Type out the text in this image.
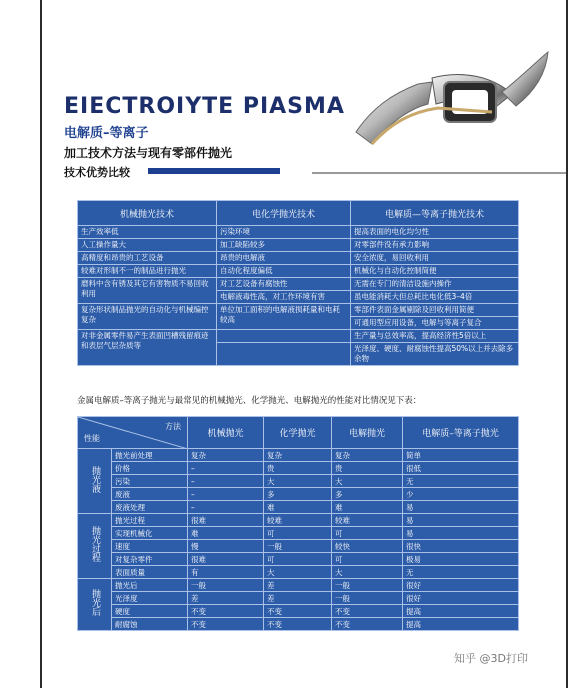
EIECTROIYTE PIASMA
电解质–等离子
加工技术方法与现有零部件抛光
技术优势比较
机械抛光技术	电化学抛光技术	电解质—等离子抛光技术
生产效率低	污染环境	提高表面的电化均匀性
人工操作量大	加工缺陷较多	对零部件没有承力影响
高精度和昂贵的工艺设备	昂贵的电解液	安全浓度，易回收利用
较难对形制不一的制品进行抛光	自动化程度偏低	机械化与自动化控制简便
磨料中含有锈及其它有害物质不易回收利用	对工艺设备有腐蚀性	无需在专门的清洁设施内操作
	电解液毒性高，对工作环境有害	虽电能消耗大但总耗比电化低3–4倍
复杂形状制品抛光的自动化与机械编控复杂	单位加工面积的电解液损耗量和电耗较高	零部件表面金属剔除及回收利用简便
		可通用型应用设备，电解与等离子复合
对非金属零件易产生表面凹槽残留痕迹和表层气层杂质等		生产量与总效率高，提高经济性5倍以上
		光泽度、硬度、耐腐蚀性提高50%以上并去除多余物
金属电解质–等离子抛光与最常见的机械抛光、化学抛光、电解抛光的性能对比情况见下表：
方法
性能		机械抛光	化学抛光	电解抛光	电解质–等离子抛光
抛光液	抛光前处理	复杂	复杂	复杂	简单
	价格	–	贵	贵	很低
	污染	–	大	大	无
	废液	–	多	多	少
	废液处理	–	难	难	易
抛光过程	抛光过程	很难	较难	较难	易
	实现机械化	难	可	可	易
	速度	慢	一般	较快	很快
	对复杂零件	很难	可	可	极易
	表面质量	有	大	大	无
抛光后	抛光后	一般	差	一般	很好
	光泽度	差	差	一般	很好
	硬度	不变	不变	不变	提高
	耐腐蚀	不变	不变	不变	提高
知乎 @3D打印
